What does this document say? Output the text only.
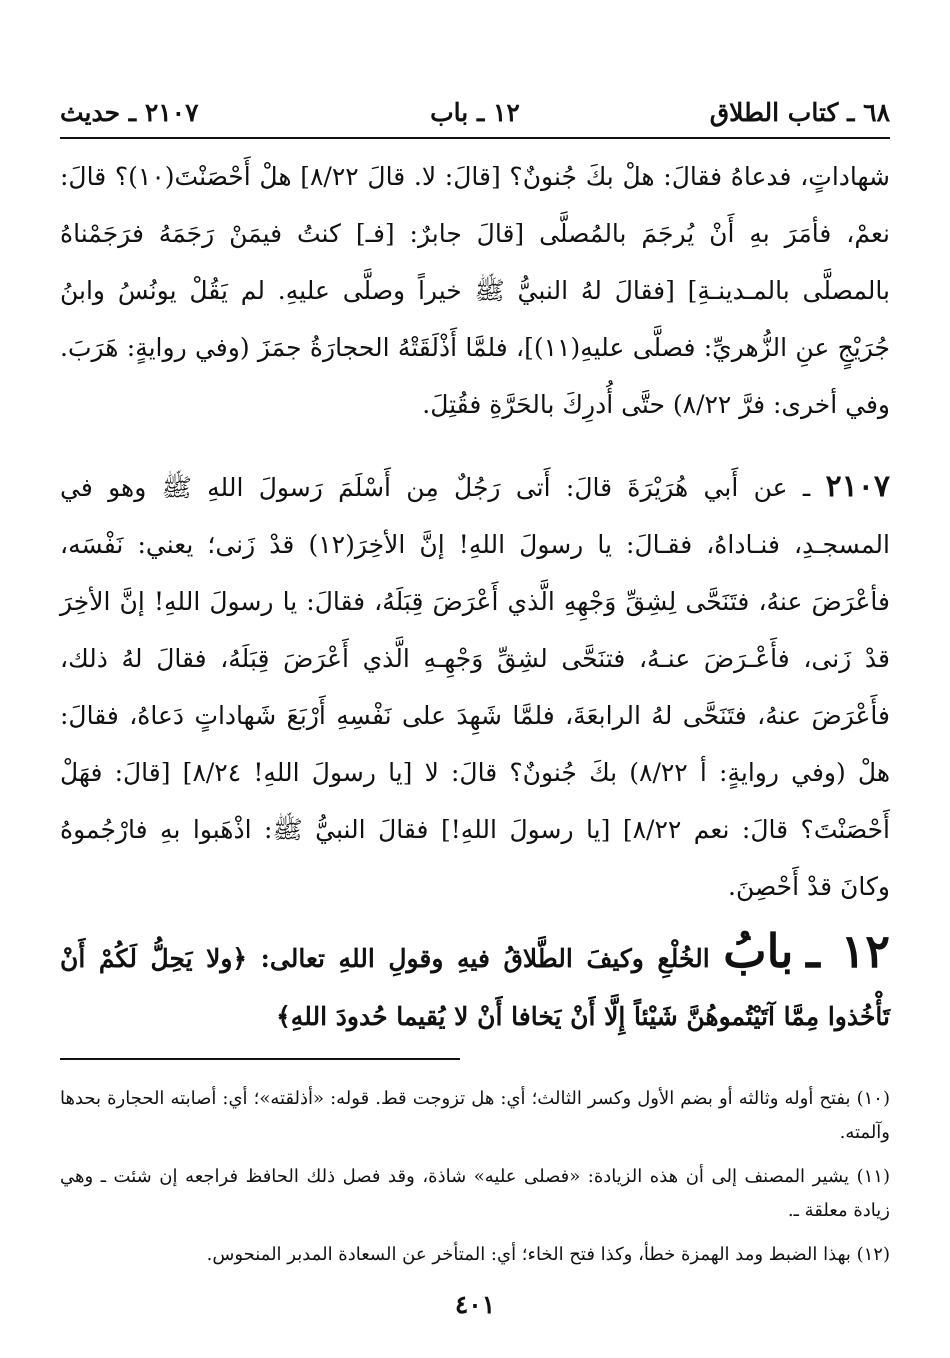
٦٨ ـ كتاب الطلاق
١٢ ـ باب
٢١٠٧ ـ حديث
شهاداتٍ، فدعاهُ فقالَ: هلْ بكَ جُنونٌ؟ [قالَ: لا. قالَ ٨/٢٢] هلْ أَحْصَنْتَ(١٠)؟ قالَ: نعمْ، فأمَرَ بهِ أَنْ يُرجَمَ بالمُصلَّى [قالَ جابرٌ: [فـ] كنتُ فيمَنْ رَجَمَهُ فرَجَمْناهُ بالمصلَّى بالمـدينـةِ] [فقالَ لهُ النبيُّ ﷺ خيراً وصلَّى عليهِ. لم يَقُلْ يونُسُ وابنُ جُرَيْجٍ عنِ الزُّهريِّ: فصلَّى عليهِ(١١)]، فلمَّا أَذْلَقَتْهُ الحجارَةُ جمَزَ (وفي روايةٍ: هَرَبَ. وفي أخرى: فرَّ ٨/٢٢) حتَّى أُدرِكَ بالحَرَّةِ فقُتِلَ.
٢١٠٧ ـ عن أَبي هُرَيْرَةَ قالَ: أَتى رَجُلٌ مِن أَسْلَمَ رَسولَ اللهِ ﷺ وهو في المسجـدِ، فنـاداهُ، فقـالَ: يا رسولَ اللهِ! إنَّ الأخِرَ(١٢) قدْ زَنى؛ يعني: نَفْسَه، فأعْرَضَ عنهُ، فتَنَحَّى لِشِقِّ وَجْهِهِ الَّذي أَعْرَضَ قِبَلَهُ، فقالَ: يا رسولَ اللهِ! إنَّ الأخِرَ قدْ زَنى، فأَعْـرَضَ عنـهُ، فتنَحَّى لشِقِّ وَجْهِـهِ الَّذي أَعْرَضَ قِبَلَهُ، فقالَ لهُ ذلك، فأَعْرَضَ عنهُ، فتَنَحَّى لهُ الرابعَةَ، فلمَّا شَهِدَ على نَفْسِهِ أَرْبَعَ شَهاداتٍ دَعاهُ، فقالَ: هلْ (وفي روايةٍ: أ ٨/٢٢) بكَ جُنونٌ؟ قالَ: لا [يا رسولَ اللهِ! ٨/٢٤] [قالَ: فهَلْ أَحْصَنْتَ؟ قالَ: نعم ٨/٢٢] [يا رسولَ اللهِ!] فقالَ النبيُّ ﷺ: اذْهَبوا بهِ فارْجُموهُ وكانَ قدْ أَحْصِنَ.
١٢ ـ بابُ الخُلْعِ وكيفَ الطَّلاقُ فيهِ وقولِ اللهِ تعالى: ﴿ولا يَحِلُّ لَكُمْ أَنْ تَأْخُذوا مِمَّا آتَيْتُموهُنَّ شَيْئاً إِلَّا أَنْ يَخافا أَنْ لا يُقيما حُدودَ اللهِ﴾

(١٠) بفتح أوله وثالثه أو بضم الأول وكسر الثالث؛ أي: هل تزوجت قط. قوله: «أذلقته»؛ أي: أصابته الحجارة بحدها وآلمته.

(١١) يشير المصنف إلى أن هذه الزيادة: «فصلى عليه» شاذة، وقد فصل ذلك الحافظ فراجعه إن شئت ـ وهي زيادة معلقة ـ.

(١٢) بهذا الضبط ومد الهمزة خطأ، وكذا فتح الخاء؛ أي: المتأخر عن السعادة المدبر المنحوس.

٤٠١
